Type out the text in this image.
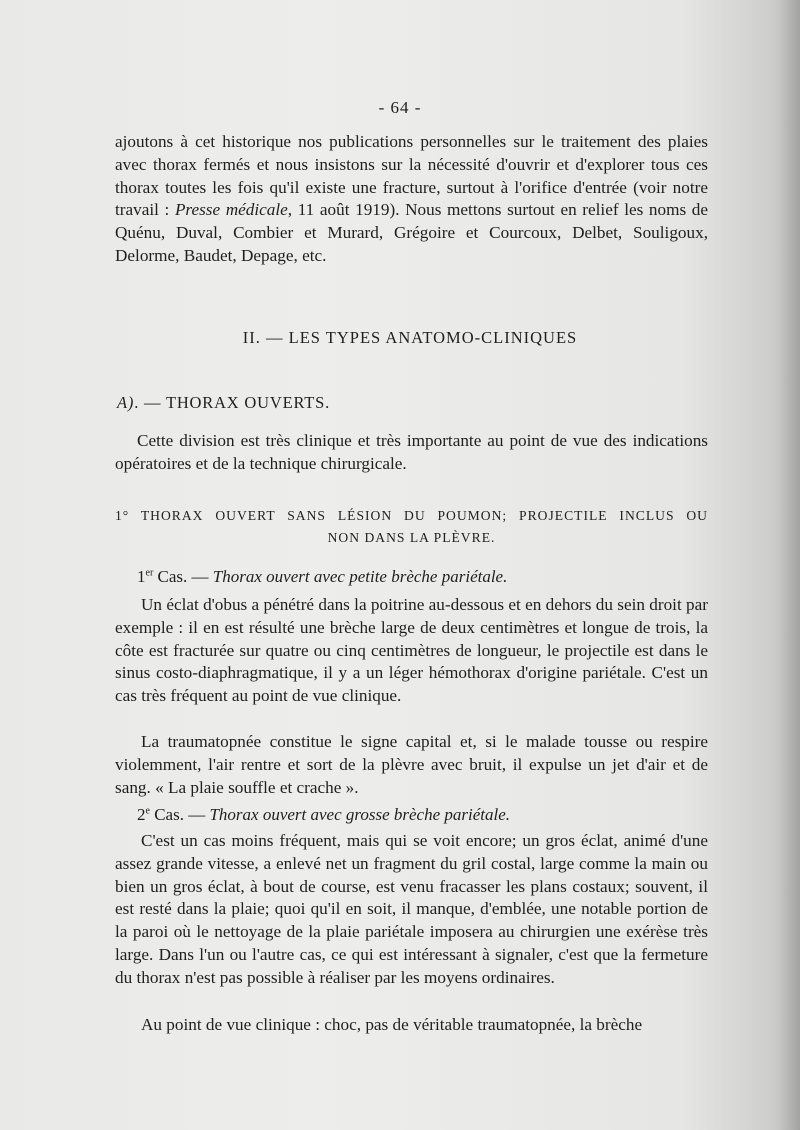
- 64 -
ajoutons à cet historique nos publications personnelles sur le traitement des plaies avec thorax fermés et nous insistons sur la nécessité d'ouvrir et d'explorer tous ces thorax toutes les fois qu'il existe une fracture, surtout à l'orifice d'entrée (voir notre travail : Presse médicale, 11 août 1919). Nous mettons surtout en relief les noms de Quénu, Duval, Combier et Murard, Grégoire et Courcoux, Delbet, Souligoux, Delorme, Baudet, Depage, etc.
II. — LES TYPES ANATOMO-CLINIQUES
A). — THORAX OUVERTS.
Cette division est très clinique et très importante au point de vue des indications opératoires et de la technique chirurgicale.
1° THORAX OUVERT SANS LÉSION DU POUMON; PROJECTILE INCLUS OU
NON DANS LA PLÈVRE.
1er Cas. — Thorax ouvert avec petite brèche pariétale.
Un éclat d'obus a pénétré dans la poitrine au-dessous et en dehors du sein droit par exemple : il en est résulté une brèche large de deux centimètres et longue de trois, la côte est fracturée sur quatre ou cinq centimètres de longueur, le projectile est dans le sinus costo-diaphragmatique, il y a un léger hémothorax d'origine pariétale. C'est un cas très fréquent au point de vue clinique.
La traumatopnée constitue le signe capital et, si le malade tousse ou respire violemment, l'air rentre et sort de la plèvre avec bruit, il expulse un jet d'air et de sang. « La plaie souffle et crache ».
2e Cas. — Thorax ouvert avec grosse brèche pariétale.
C'est un cas moins fréquent, mais qui se voit encore; un gros éclat, animé d'une assez grande vitesse, a enlevé net un fragment du gril costal, large comme la main ou bien un gros éclat, à bout de course, est venu fracasser les plans costaux; souvent, il est resté dans la plaie; quoi qu'il en soit, il manque, d'emblée, une notable portion de la paroi où le nettoyage de la plaie pariétale imposera au chirurgien une exérèse très large. Dans l'un ou l'autre cas, ce qui est intéressant à signaler, c'est que la fermeture du thorax n'est pas possible à réaliser par les moyens ordinaires.
Au point de vue clinique : choc, pas de véritable traumatopnée, la brèche
